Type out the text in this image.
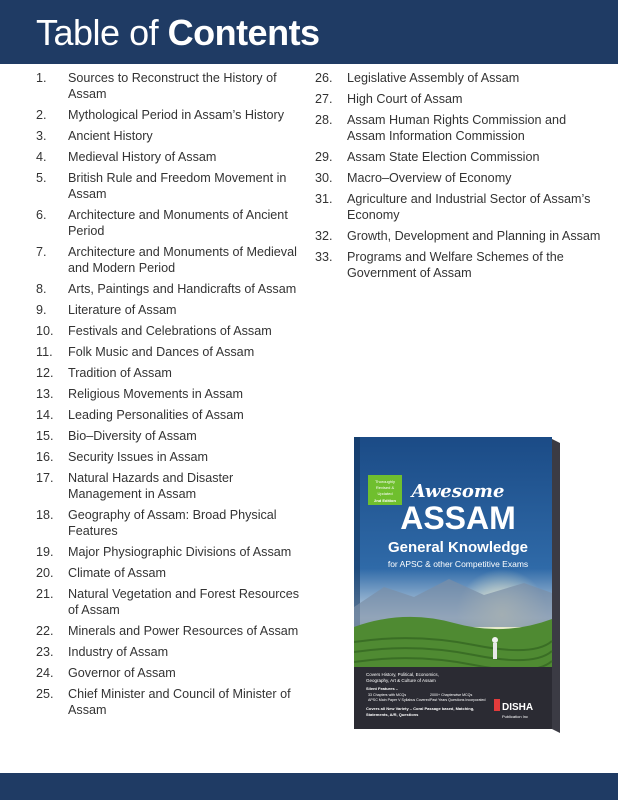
Table of Contents
1.	Sources to Reconstruct the History of Assam
2.	Mythological Period in Assam’s History
3.	Ancient History
4.	Medieval History of Assam
5.	British Rule and Freedom Movement in Assam
6.	Architecture and Monuments of Ancient Period
7.	Architecture and Monuments of Medieval and Modern Period
8.	Arts, Paintings and Handicrafts of Assam
9.	Literature of Assam
10.	Festivals and Celebrations of Assam
11.	Folk Music and Dances of Assam
12.	Tradition of Assam
13.	Religious Movements in Assam
14.	Leading Personalities of Assam
15.	Bio–Diversity of Assam
16.	Security Issues in Assam
17.	Natural Hazards and Disaster Management in Assam
18.	Geography of Assam: Broad Physical Features
19.	Major Physiographic Divisions of Assam
20.	Climate of Assam
21.	Natural Vegetation and Forest Resources of Assam
22.	Minerals and Power Resources of Assam
23.	Industry of Assam
24.	Governor of Assam
25.	Chief Minister and Council of Minister of Assam
26.	Legislative Assembly of Assam
27.	High Court of Assam
28.	Assam Human Rights Commission and Assam Information Commission
29.	Assam State Election Commission
30.	Macro–Overview of Economy
31.	Agriculture and Industrial Sector of Assam’s Economy
32.	Growth, Development and Planning in Assam
33.	Programs and Welfare Schemes of the Government of Assam
Thoroughly
Revised &
Updated
2nd Edition Awesome
ASSAM
General Knowledge
for APSC & other Competitive Exams
Covers History, Political, Economics,
Geography, Art & Culture of Assam
Silent Features –
33 Chapters with MCQs
APSC Main Paper V Syllabus Covered
2000+ Chapterwise MCQs
Past Years Questions Incorporated
Covers all New Variety – Coral Passage based, Matching,
Statements, A/R, Questions
DISHA
Publication Inc
